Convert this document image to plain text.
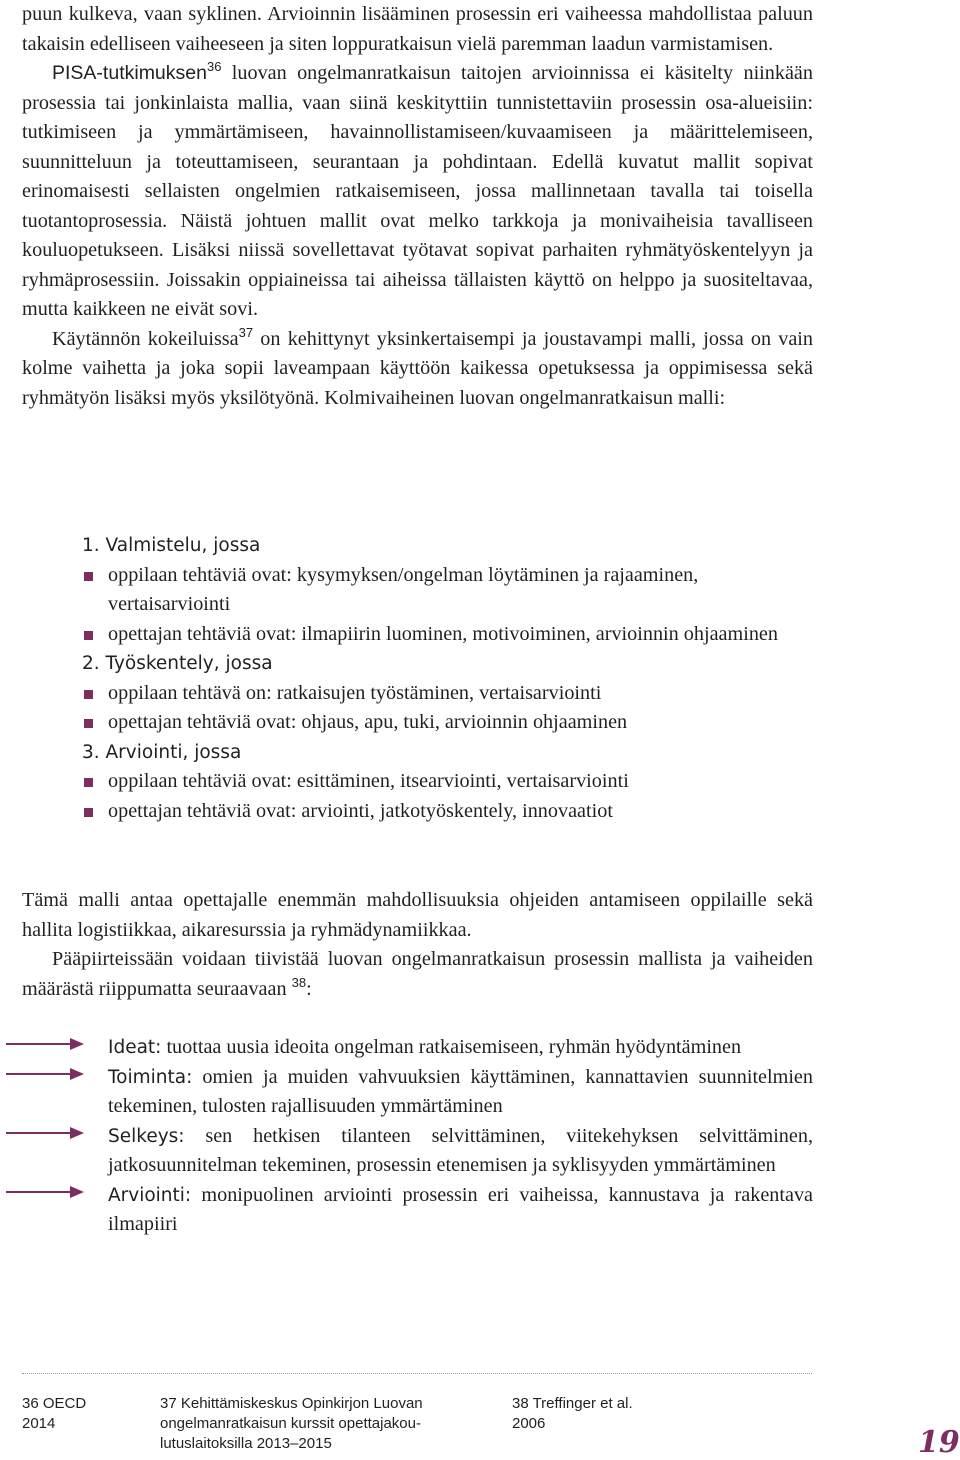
puun kulkeva, vaan syklinen. Arvioinnin lisääminen prosessin eri vaiheessa mahdollistaa paluun takaisin edelliseen vaiheeseen ja siten loppuratkaisun vielä paremman laadun varmistamisen.

PISA-tutkimuksen$^{36}$ luovan ongelmanratkaisun taitojen arvioinnissa ei käsitelty niinkään prosessia tai jonkinlaista mallia, vaan siinä keskityttiin tunnistettaviin prosessin osa-alueisiin: tutkimiseen ja ymmärtämiseen, havainnollistamiseen/kuvaamiseen ja määrittelemiseen, suunnitteluun ja toteuttamiseen, seurantaan ja pohdintaan. Edellä kuvatut mallit sopivat erinomaisesti sellaisten ongelmien ratkaisemiseen, jossa mallinnetaan tavalla tai toisella tuotantoprosessia. Näistä johtuen mallit ovat melko tarkkoja ja monivaiheisia tavalliseen kouluopetukseen. Lisäksi niissä sovellettavat työtavat sopivat parhaiten ryhmätyöskentelyyn ja ryhmäprosessiin. Joissakin oppiaineissa tai aiheissa tällaisten käyttö on helppo ja suositeltavaa, mutta kaikkeen ne eivät sovi.

Käytännön kokeiluissa$^{37}$ on kehittynyt yksinkertaisempi ja joustavampi malli, jossa on vain kolme vaihetta ja joka sopii laveampaan käyttöön kaikessa opetuksessa ja oppimisessa sekä ryhmätyön lisäksi myös yksilötyönä. Kolmivaiheinen luovan ongelmanratkaisun malli:

1. Valmistelu, jossa
oppilaan tehtäviä ovat: kysymyksen/ongelman löytäminen ja rajaaminen, vertaisarviointi
opettajan tehtäviä ovat: ilmapiirin luominen, motivoiminen, arvioinnin ohjaaminen
2. Työskentely, jossa
oppilaan tehtävä on: ratkaisujen työstäminen, vertaisarviointi
opettajan tehtäviä ovat: ohjaus, apu, tuki, arvioinnin ohjaaminen
3. Arviointi, jossa
oppilaan tehtäviä ovat: esittäminen, itsearviointi, vertaisarviointi
opettajan tehtäviä ovat: arviointi, jatkotyöskentely, innovaatiot

Tämä malli antaa opettajalle enemmän mahdollisuuksia ohjeiden antamiseen oppilaille sekä hallita logistiikkaa, aikaresurssia ja ryhmädynamiikkaa.

Pääpiirteissään voidaan tiivistää luovan ongelmanratkaisun prosessin mallista ja vaiheiden määrästä riippumatta seuraavaan $^{38}$:

Ideat: tuottaa uusia ideoita ongelman ratkaisemiseen, ryhmän hyödyntäminen
Toiminta: omien ja muiden vahvuuksien käyttäminen, kannattavien suunnitelmien tekeminen, tulosten rajallisuuden ymmärtäminen
Selkeys: sen hetkisen tilanteen selvittäminen, viitekehyksen selvittäminen, jatkosuunnitelman tekeminen, prosessin etenemisen ja syklisyyden ymmärtäminen
Arviointi: monipuolinen arviointi prosessin eri vaiheissa, kannustava ja rakentava ilmapiiri
36 OECD
2014
37 Kehittämiskeskus Opinkirjon Luovan
ongelmanratkaisun kurssit opettajakou-
lutuslaitoksilla 2013–2015
38 Treffinger et al.
2006
19
